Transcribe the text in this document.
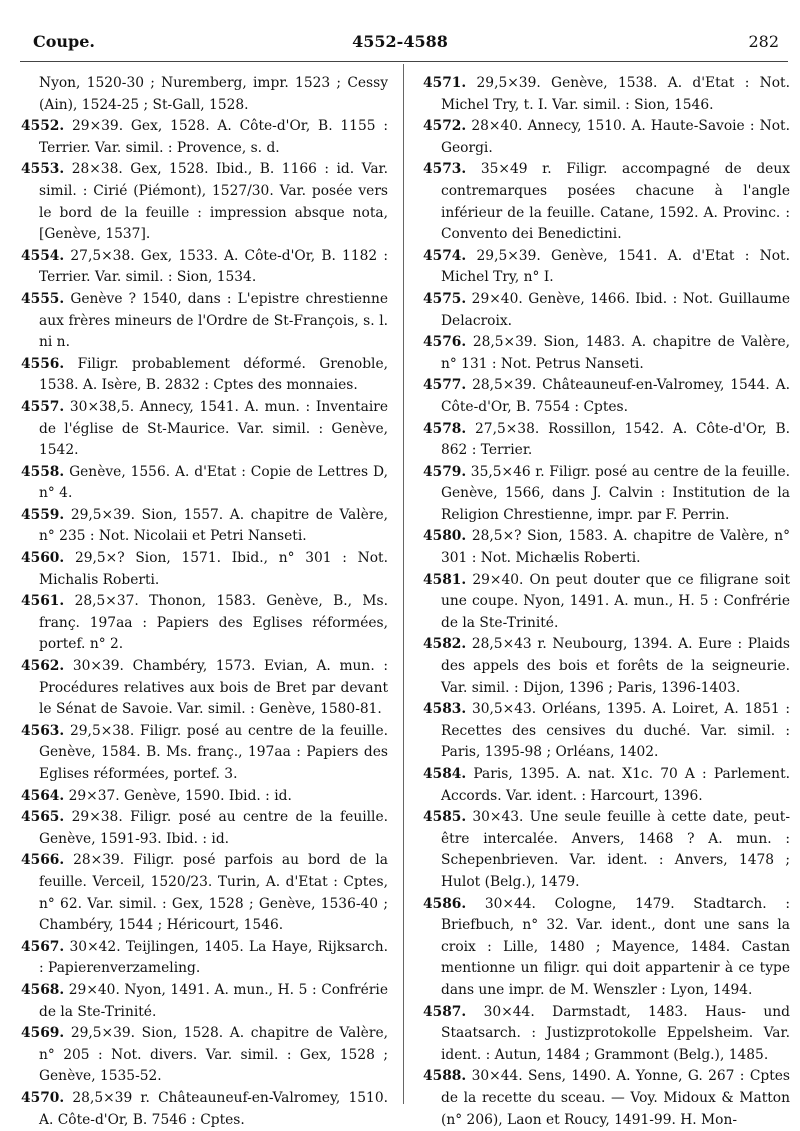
Coupe.	4552-4588	282

Nyon, 1520-30 ; Nuremberg, impr. 1523 ; Cessy (Ain), 1524-25 ; St-Gall, 1528.

4552. 29×39. Gex, 1528. A. Côte-d'Or, B. 1155 : Terrier. Var. simil. : Provence, s. d.

4553. 28×38. Gex, 1528. Ibid., B. 1166 : id. Var. simil. : Cirié (Piémont), 1527/30. Var. posée vers le bord de la feuille : impression absque nota, [Genève, 1537].

4554. 27,5×38. Gex, 1533. A. Côte-d'Or, B. 1182 : Terrier. Var. simil. : Sion, 1534.

4555. Genève ? 1540, dans : L'epistre chrestienne aux frères mineurs de l'Ordre de St-François, s. l. ni n.

4556. Filigr. probablement déformé. Grenoble, 1538. A. Isère, B. 2832 : Cptes des monnaies.

4557. 30×38,5. Annecy, 1541. A. mun. : Inventaire de l'église de St-Maurice. Var. simil. : Genève, 1542.

4558. Genève, 1556. A. d'Etat : Copie de Lettres D, n° 4.

4559. 29,5×39. Sion, 1557. A. chapitre de Valère, n° 235 : Not. Nicolaii et Petri Nanseti.

4560. 29,5×? Sion, 1571. Ibid., n° 301 : Not. Michalis Roberti.

4561. 28,5×37. Thonon, 1583. Genève, B., Ms. franç. 197aa : Papiers des Eglises réformées, portef. n° 2.

4562. 30×39. Chambéry, 1573. Evian, A. mun. : Procédures relatives aux bois de Bret par devant le Sénat de Savoie. Var. simil. : Genève, 1580-81.

4563. 29,5×38. Filigr. posé au centre de la feuille. Genève, 1584. B. Ms. franç., 197aa : Papiers des Eglises réformées, portef. 3.

4564. 29×37. Genève, 1590. Ibid. : id.

4565. 29×38. Filigr. posé au centre de la feuille. Genève, 1591-93. Ibid. : id.

4566. 28×39. Filigr. posé parfois au bord de la feuille. Verceil, 1520/23. Turin, A. d'Etat : Cptes, n° 62. Var. simil. : Gex, 1528 ; Genève, 1536-40 ; Chambéry, 1544 ; Héricourt, 1546.

4567. 30×42. Teijlingen, 1405. La Haye, Rijksarch. : Papierenverzameling.

4568. 29×40. Nyon, 1491. A. mun., H. 5 : Confrérie de la Ste-Trinité.

4569. 29,5×39. Sion, 1528. A. chapitre de Valère, n° 205 : Not. divers. Var. simil. : Gex, 1528 ; Genève, 1535-52.

4570. 28,5×39 r. Châteauneuf-en-Valromey, 1510. A. Côte-d'Or, B. 7546 : Cptes.

4571. 29,5×39. Genève, 1538. A. d'Etat : Not. Michel Try, t. I. Var. simil. : Sion, 1546.

4572. 28×40. Annecy, 1510. A. Haute-Savoie : Not. Georgi.

4573. 35×49 r. Filigr. accompagné de deux contremarques posées chacune à l'angle inférieur de la feuille. Catane, 1592. A. Provinc. : Convento dei Benedictini.

4574. 29,5×39. Genève, 1541. A. d'Etat : Not. Michel Try, n° I.

4575. 29×40. Genève, 1466. Ibid. : Not. Guillaume Delacroix.

4576. 28,5×39. Sion, 1483. A. chapitre de Valère, n° 131 : Not. Petrus Nanseti.

4577. 28,5×39. Châteauneuf-en-Valromey, 1544. A. Côte-d'Or, B. 7554 : Cptes.

4578. 27,5×38. Rossillon, 1542. A. Côte-d'Or, B. 862 : Terrier.

4579. 35,5×46 r. Filigr. posé au centre de la feuille. Genève, 1566, dans J. Calvin : Institution de la Religion Chrestienne, impr. par F. Perrin.

4580. 28,5×? Sion, 1583. A. chapitre de Valère, n° 301 : Not. Michælis Roberti.

4581. 29×40. On peut douter que ce filigrane soit une coupe. Nyon, 1491. A. mun., H. 5 : Confrérie de la Ste-Trinité.

4582. 28,5×43 r. Neubourg, 1394. A. Eure : Plaids des appels des bois et forêts de la seigneurie. Var. simil. : Dijon, 1396 ; Paris, 1396-1403.

4583. 30,5×43. Orléans, 1395. A. Loiret, A. 1851 : Recettes des censives du duché. Var. simil. : Paris, 1395-98 ; Orléans, 1402.

4584. Paris, 1395. A. nat. X1c. 70 A : Parlement. Accords. Var. ident. : Harcourt, 1396.

4585. 30×43. Une seule feuille à cette date, peut-être intercalée. Anvers, 1468 ? A. mun. : Schepenbrieven. Var. ident. : Anvers, 1478 ; Hulot (Belg.), 1479.

4586. 30×44. Cologne, 1479. Stadtarch. : Briefbuch, n° 32. Var. ident., dont une sans la croix : Lille, 1480 ; Mayence, 1484. Castan mentionne un filigr. qui doit appartenir à ce type dans une impr. de M. Wenszler : Lyon, 1494.

4587. 30×44. Darmstadt, 1483. Haus- und Staatsarch. : Justizprotokolle Eppelsheim. Var. ident. : Autun, 1484 ; Grammont (Belg.), 1485.

4588. 30×44. Sens, 1490. A. Yonne, G. 267 : Cptes de la recette du sceau. — Voy. Midoux & Matton (n° 206), Laon et Roucy, 1491-99. H. Mon-
